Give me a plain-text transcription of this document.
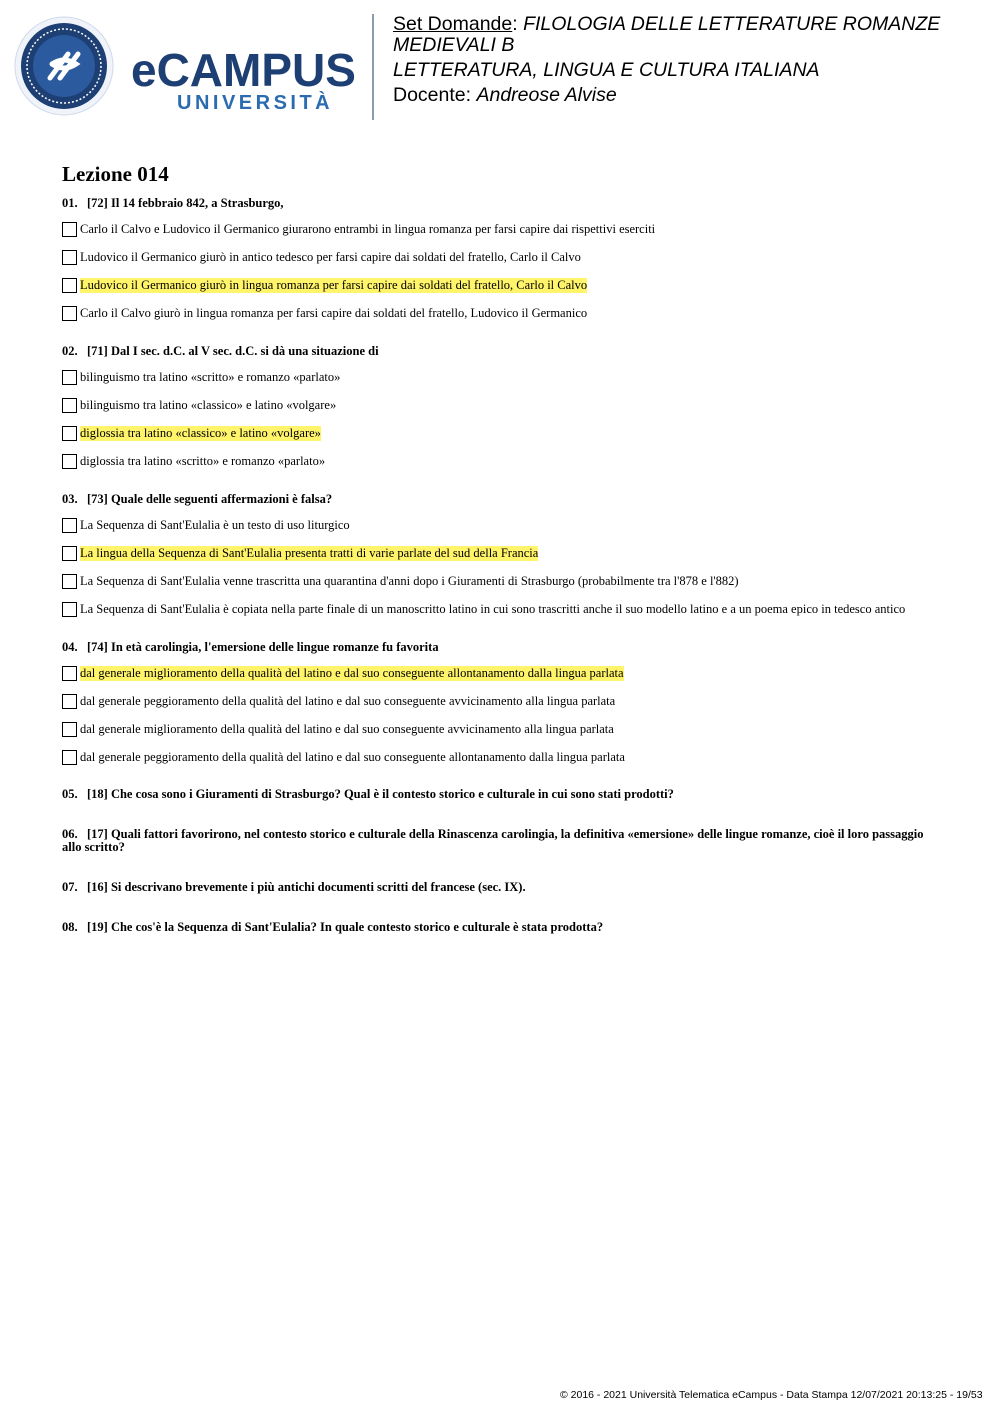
eCAMPUS
UNIVERSITÀ

Set Domande: FILOLOGIA DELLE LETTERATURE ROMANZE

MEDIEVALI B

LETTERATURA, LINGUA E CULTURA ITALIANA

Docente: Andreose Alvise

Lezione 014
01. [72] Il 14 febbraio 842, a Strasburgo,
Carlo il Calvo e Ludovico il Germanico giurarono entrambi in lingua romanza per farsi capire dai rispettivi eserciti
Ludovico il Germanico giurò in antico tedesco per farsi capire dai soldati del fratello, Carlo il Calvo
Ludovico il Germanico giurò in lingua romanza per farsi capire dai soldati del fratello, Carlo il Calvo
Carlo il Calvo giurò in lingua romanza per farsi capire dai soldati del fratello, Ludovico il Germanico
02. [71] Dal I sec. d.C. al V sec. d.C. si dà una situazione di
bilinguismo tra latino «scritto» e romanzo «parlato»
bilinguismo tra latino «classico» e latino «volgare»
diglossia tra latino «classico» e latino «volgare»
diglossia tra latino «scritto» e romanzo «parlato»
03. [73] Quale delle seguenti affermazioni è falsa?
La Sequenza di Sant'Eulalia è un testo di uso liturgico
La lingua della Sequenza di Sant'Eulalia presenta tratti di varie parlate del sud della Francia
La Sequenza di Sant'Eulalia venne trascritta una quarantina d'anni dopo i Giuramenti di Strasburgo (probabilmente tra l'878 e l'882)
La Sequenza di Sant'Eulalia è copiata nella parte finale di un manoscritto latino in cui sono trascritti anche il suo modello latino e a un poema epico in tedesco antico
04. [74] In età carolingia, l'emersione delle lingue romanze fu favorita
dal generale miglioramento della qualità del latino e dal suo conseguente allontanamento dalla lingua parlata
dal generale peggioramento della qualità del latino e dal suo conseguente avvicinamento alla lingua parlata
dal generale miglioramento della qualità del latino e dal suo conseguente avvicinamento alla lingua parlata
dal generale peggioramento della qualità del latino e dal suo conseguente allontanamento dalla lingua parlata
05. [18] Che cosa sono i Giuramenti di Strasburgo? Qual è il contesto storico e culturale in cui sono stati prodotti?
06. [17] Quali fattori favorirono, nel contesto storico e culturale della Rinascenza carolingia, la definitiva «emersione» delle lingue romanze, cioè il loro passaggio allo scritto?
07. [16] Si descrivano brevemente i più antichi documenti scritti del francese (sec. IX).
08. [19] Che cos'è la Sequenza di Sant'Eulalia? In quale contesto storico e culturale è stata prodotta?
© 2016 - 2021 Università Telematica eCampus - Data Stampa 12/07/2021 20:13:25 - 19/53
